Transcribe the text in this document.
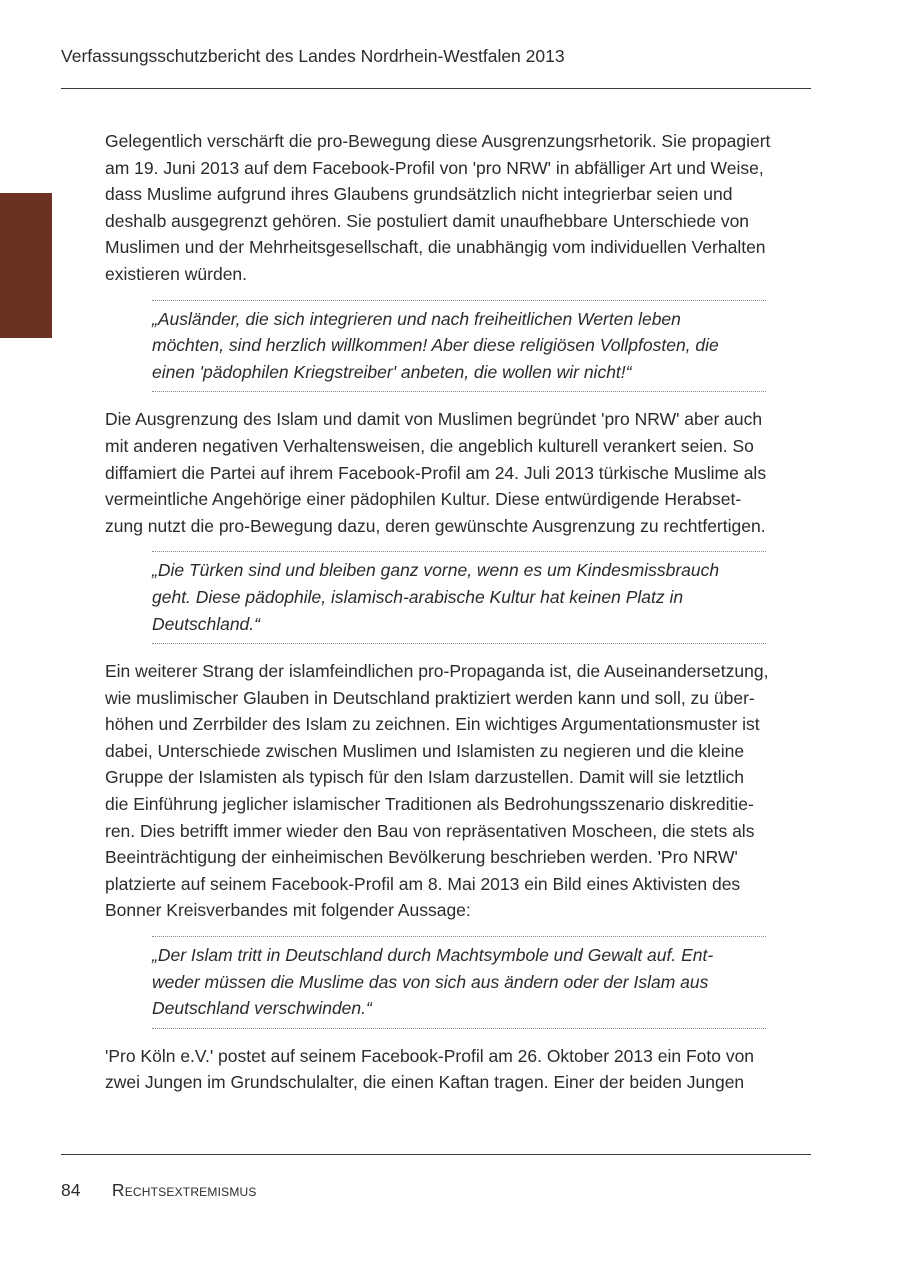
Verfassungsschutzbericht des Landes Nordrhein-Westfalen 2013

Gelegentlich verschärft die pro-Bewegung diese Ausgrenzungsrhetorik. Sie propagiert
am 19. Juni 2013 auf dem Facebook-Profil von 'pro NRW' in abfälliger Art und Weise,
dass Muslime aufgrund ihres Glaubens grundsätzlich nicht integrierbar seien und
deshalb ausgegrenzt gehören. Sie postuliert damit unaufhebbare Unterschiede von
Muslimen und der Mehrheitsgesellschaft, die unabhängig vom individuellen Verhalten
existieren würden.

„Ausländer, die sich integrieren und nach freiheitlichen Werten leben
möchten, sind herzlich willkommen! Aber diese religiösen Vollpfosten, die
einen 'pädophilen Kriegstreiber' anbeten, die wollen wir nicht!“

Die Ausgrenzung des Islam und damit von Muslimen begründet 'pro NRW' aber auch
mit anderen negativen Verhaltensweisen, die angeblich kulturell verankert seien. So
diffamiert die Partei auf ihrem Facebook-Profil am 24. Juli 2013 türkische Muslime als
vermeintliche Angehörige einer pädophilen Kultur. Diese entwürdigende Herabset-
zung nutzt die pro-Bewegung dazu, deren gewünschte Ausgrenzung zu rechtfertigen.

„Die Türken sind und bleiben ganz vorne, wenn es um Kindesmissbrauch
geht. Diese pädophile, islamisch-arabische Kultur hat keinen Platz in
Deutschland.“

Ein weiterer Strang der islamfeindlichen pro-Propaganda ist, die Auseinandersetzung,
wie muslimischer Glauben in Deutschland praktiziert werden kann und soll, zu über-
höhen und Zerrbilder des Islam zu zeichnen. Ein wichtiges Argumentationsmuster ist
dabei, Unterschiede zwischen Muslimen und Islamisten zu negieren und die kleine
Gruppe der Islamisten als typisch für den Islam darzustellen. Damit will sie letztlich
die Einführung jeglicher islamischer Traditionen als Bedrohungsszenario diskreditie-
ren. Dies betrifft immer wieder den Bau von repräsentativen Moscheen, die stets als
Beeinträchtigung der einheimischen Bevölkerung beschrieben werden. 'Pro NRW'
platzierte auf seinem Facebook-Profil am 8. Mai 2013 ein Bild eines Aktivisten des
Bonner Kreisverbandes mit folgender Aussage:

„Der Islam tritt in Deutschland durch Machtsymbole und Gewalt auf. Ent-
weder müssen die Muslime das von sich aus ändern oder der Islam aus
Deutschland verschwinden.“

'Pro Köln e.V.' postet auf seinem Facebook-Profil am 26. Oktober 2013 ein Foto von
zwei Jungen im Grundschulalter, die einen Kaftan tragen. Einer der beiden Jungen

84 Rechtsextremismus
